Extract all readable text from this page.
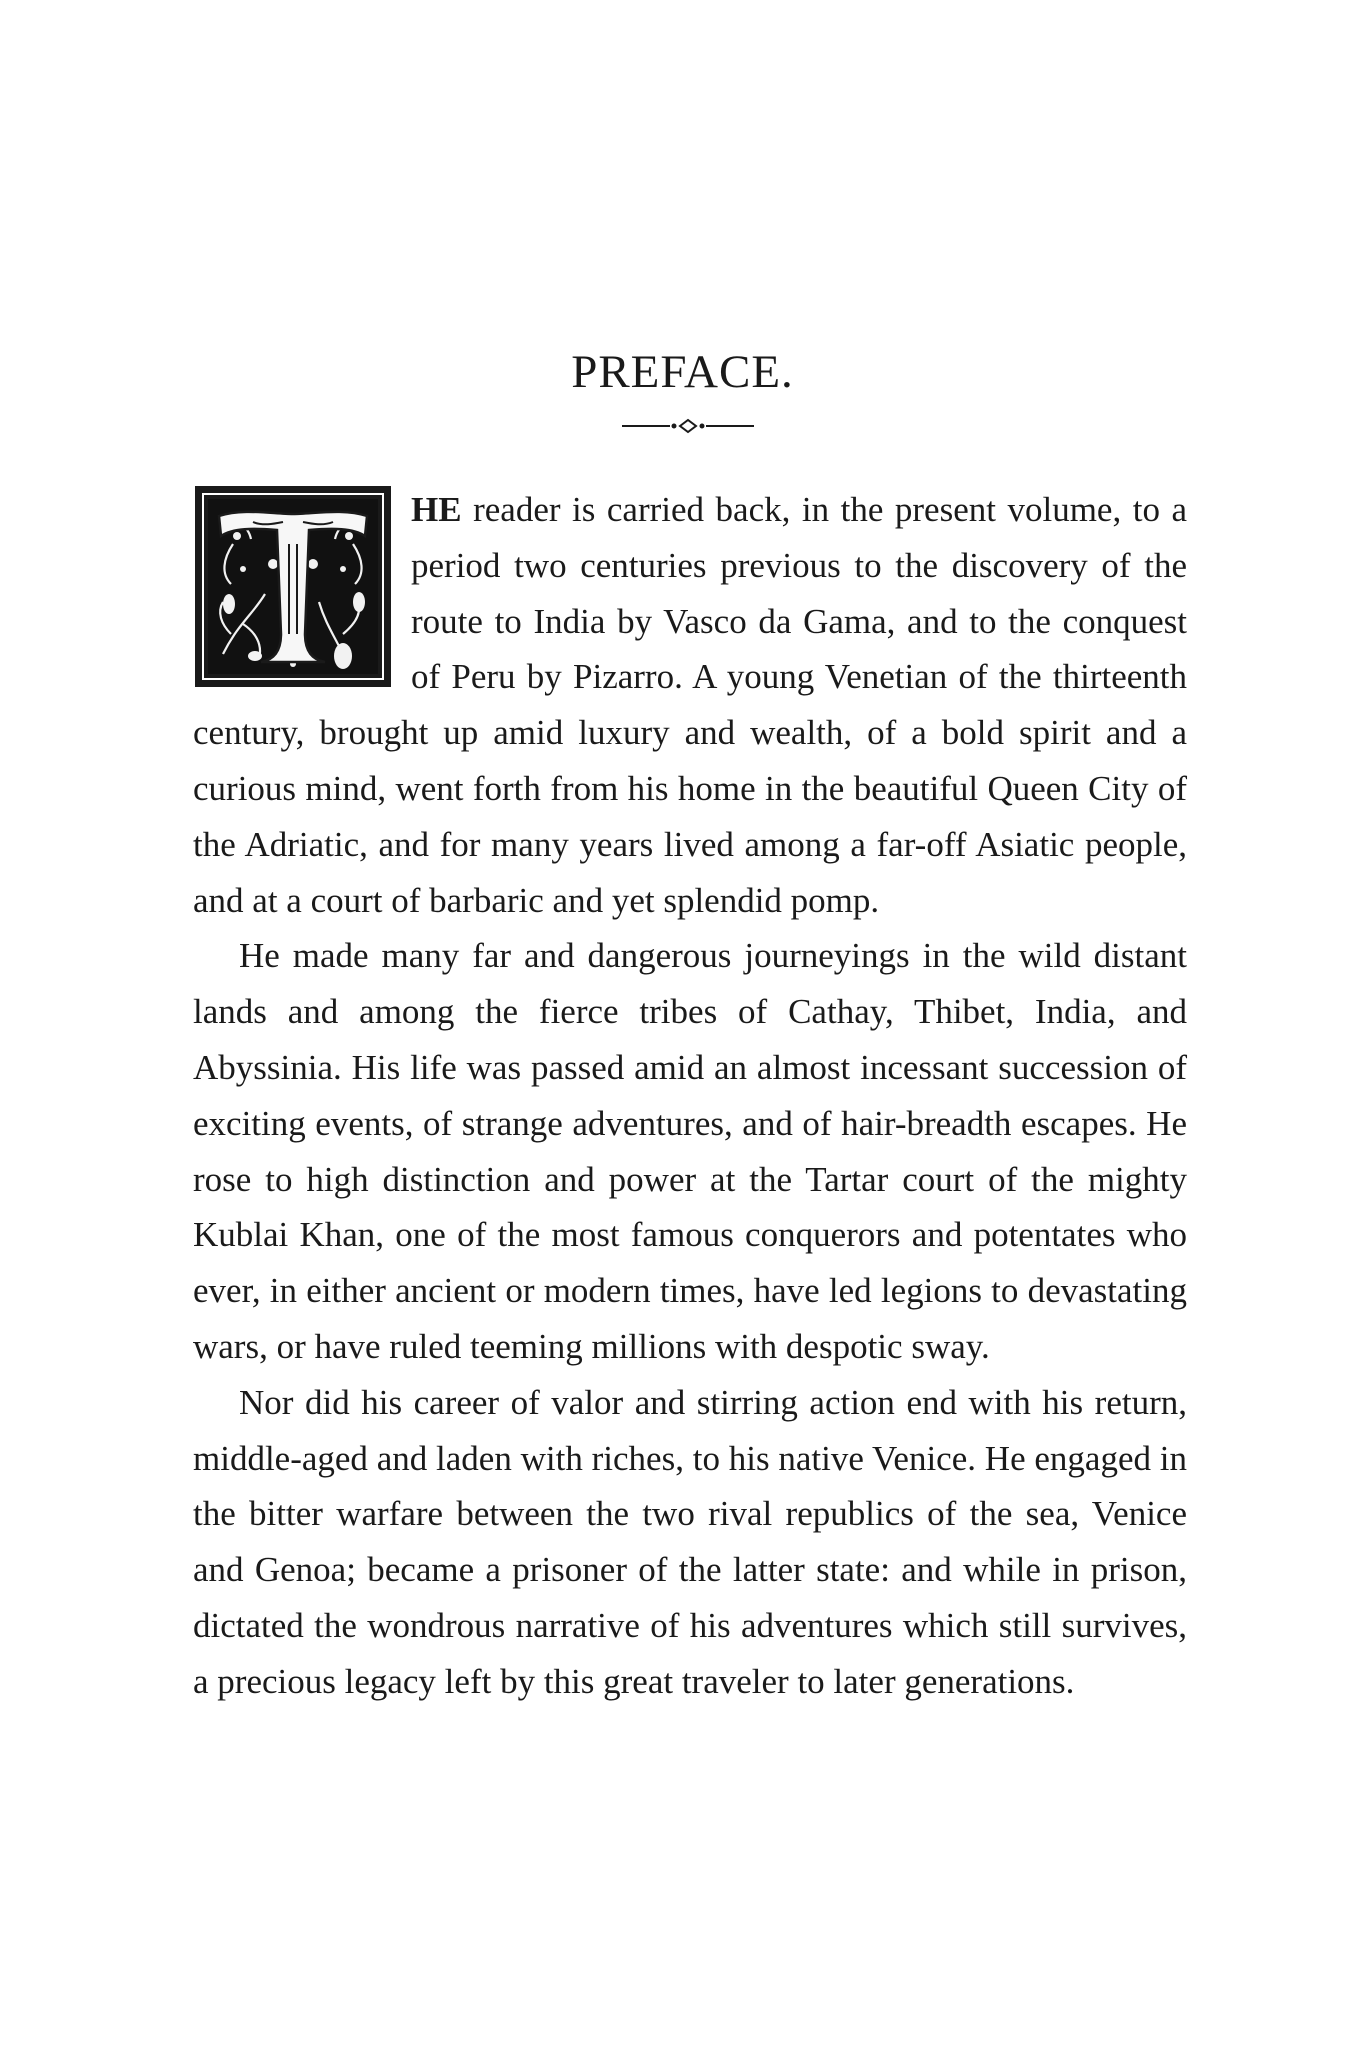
PREFACE.

HE reader is carried back, in the present volume, to a period two centuries previous to the discovery of the route to India by Vasco da Gama, and to the conquest of Peru by Pizarro. A young Venetian of the thirteenth century, brought up amid luxury and wealth, of a bold spirit and a curious mind, went forth from his home in the beautiful Queen City of the Adriatic, and for many years lived among a far-off Asiatic people, and at a court of barbaric and yet splendid pomp.

He made many far and dangerous journeyings in the wild distant lands and among the fierce tribes of Cathay, Thibet, India, and Abyssinia. His life was passed amid an almost incessant succession of exciting events, of strange adventures, and of hair-breadth escapes. He rose to high distinction and power at the Tartar court of the mighty Kublai Khan, one of the most famous conquerors and potentates who ever, in either ancient or modern times, have led legions to devastating wars, or have ruled teeming millions with despotic sway.

Nor did his career of valor and stirring action end with his return, middle-aged and laden with riches, to his native Venice. He engaged in the bitter warfare between the two rival republics of the sea, Venice and Genoa; became a prisoner of the latter state: and while in prison, dictated the wondrous narrative of his adventures which still survives, a precious legacy left by this great traveler to later generations.
